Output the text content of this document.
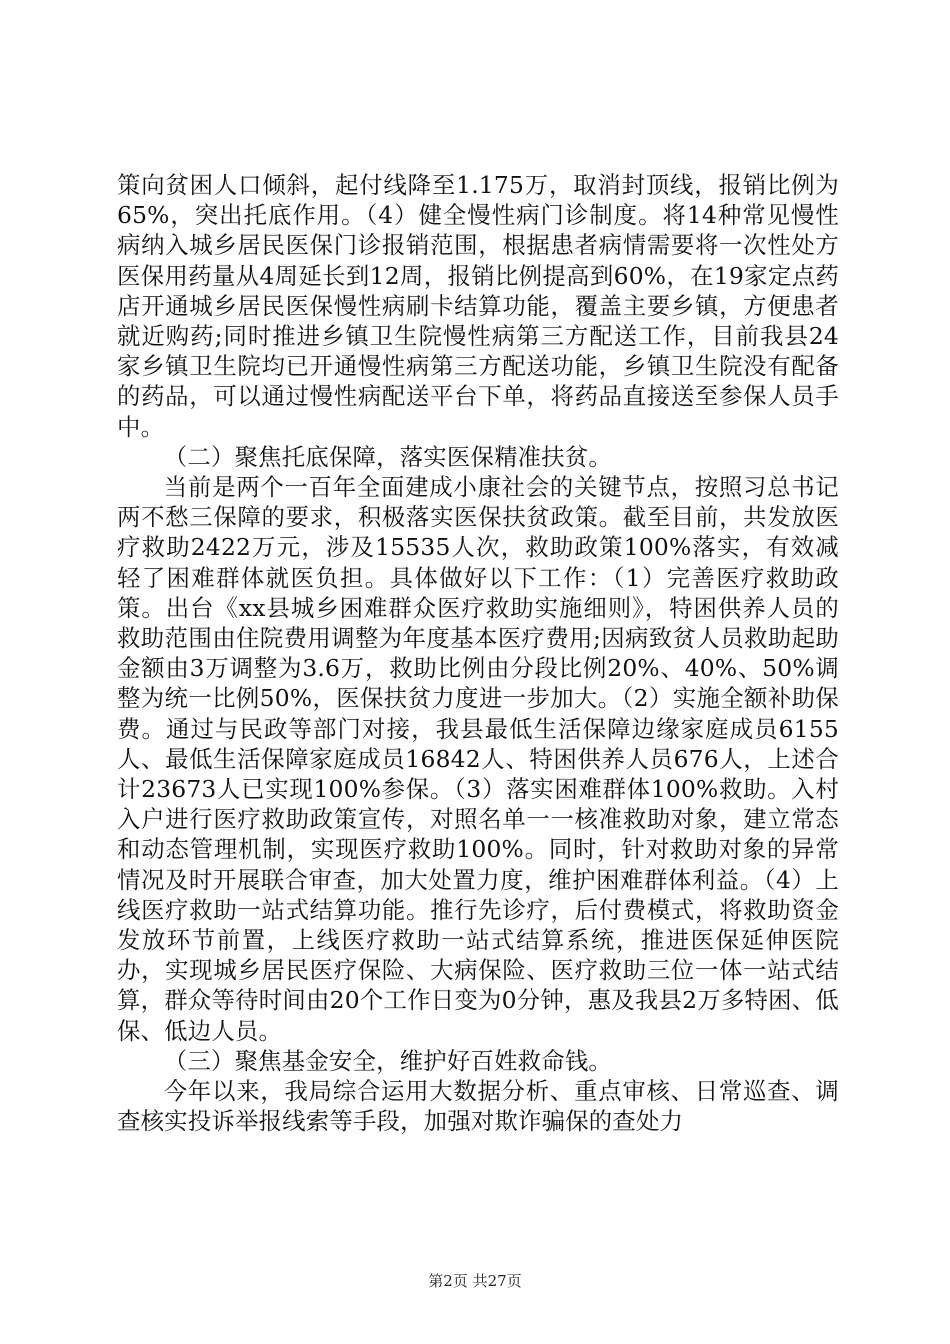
策向贫困人口倾斜，起付线降至1.175万，取消封顶线，报销比例为65%，突出托底作用。（4）健全慢性病门诊制度。将14种常见慢性病纳入城乡居民医保门诊报销范围，根据患者病情需要将一次性处方医保用药量从4周延长到12周，报销比例提高到60%，在19家定点药店开通城乡居民医保慢性病刷卡结算功能，覆盖主要乡镇，方便患者就近购药;同时推进乡镇卫生院慢性病第三方配送工作，目前我县24家乡镇卫生院均已开通慢性病第三方配送功能，乡镇卫生院没有配备的药品，可以通过慢性病配送平台下单，将药品直接送至参保人员手中。

（二）聚焦托底保障，落实医保精准扶贫。

当前是两个一百年全面建成小康社会的关键节点，按照习总书记两不愁三保障的要求，积极落实医保扶贫政策。截至目前，共发放医疗救助2422万元，涉及15535人次，救助政策100%落实，有效减轻了困难群体就医负担。具体做好以下工作：（1）完善医疗救助政策。出台《xx县城乡困难群众医疗救助实施细则》，特困供养人员的救助范围由住院费用调整为年度基本医疗费用;因病致贫人员救助起助金额由3万调整为3.6万，救助比例由分段比例20%、40%、50%调整为统一比例50%，医保扶贫力度进一步加大。（2）实施全额补助保费。通过与民政等部门对接，我县最低生活保障边缘家庭成员6155人、最低生活保障家庭成员16842人、特困供养人员676人，上述合计23673人已实现100%参保。（3）落实困难群体100%救助。入村入户进行医疗救助政策宣传，对照名单一一核准救助对象，建立常态和动态管理机制，实现医疗救助100%。同时，针对救助对象的异常情况及时开展联合审查，加大处置力度，维护困难群体利益。（4）上线医疗救助一站式结算功能。推行先诊疗，后付费模式，将救助资金发放环节前置，上线医疗救助一站式结算系统，推进医保延伸医院办，实现城乡居民医疗保险、大病保险、医疗救助三位一体一站式结算，群众等待时间由20个工作日变为0分钟，惠及我县2万多特困、低保、低边人员。

（三）聚焦基金安全，维护好百姓救命钱。

今年以来，我局综合运用大数据分析、重点审核、日常巡查、调查核实投诉举报线索等手段，加强对欺诈骗保的查处力

第2页 共27页
